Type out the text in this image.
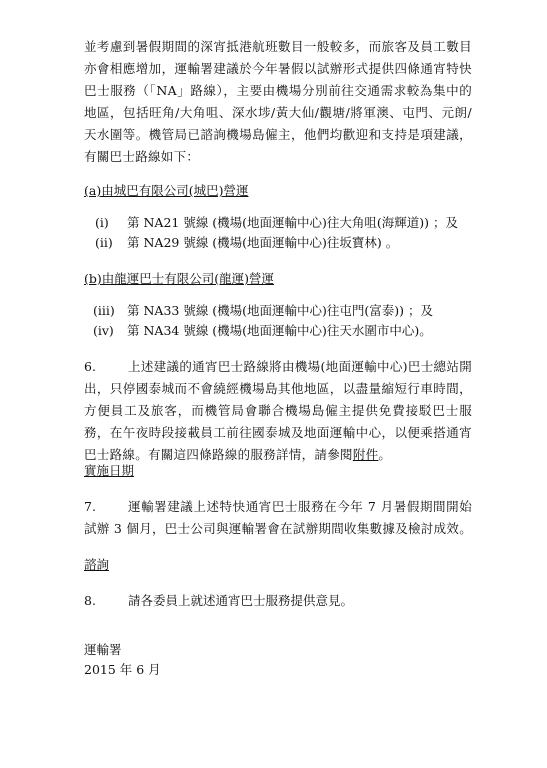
並考慮到暑假期間的深宵抵港航班數目一般較多，而旅客及員工數目亦會相應增加，運輸署建議於今年暑假以試辦形式提供四條通宵特快巴士服務（「NA」路線），主要由機場分別前往交通需求較為集中的地區，包括旺角/大角咀、深水埗/黃大仙/觀塘/將軍澳、屯門、元朗/天水圍等。機管局已諮詢機場島僱主，他們均歡迎和支持是項建議，有關巴士路線如下：
(a)由城巴有限公司(城巴)營運
(i) 第 NA21 號線 (機場(地面運輸中心)往大角咀(海輝道)) ；及
(ii) 第 NA29 號線 (機場(地面運輸中心)往坂寶林) 。
(b)由龍運巴士有限公司(龍運)營運
(iii) 第 NA33 號線 (機場(地面運輸中心)往屯門(富泰)) ；及
(iv) 第 NA34 號線 (機場(地面運輸中心)往天水圍市中心)。
6.	上述建議的通宵巴士路線將由機場(地面運輸中心)巴士總站開出，只停國泰城而不會繞經機場島其他地區，以盡量縮短行車時間，方便員工及旅客，而機管局會聯合機場島僱主提供免費接駁巴士服務，在午夜時段接載員工前往國泰城及地面運輸中心，以便乘搭通宵巴士路線。有關這四條路線的服務詳情，請參閱附件。
實施日期
7.	運輸署建議上述特快通宵巴士服務在今年 7 月暑假期間開始試辦 3 個月，巴士公司與運輸署會在試辦期間收集數據及檢討成效。
諮詢
8.	請各委員上就述通宵巴士服務提供意見。
運輸署
2015 年 6 月
